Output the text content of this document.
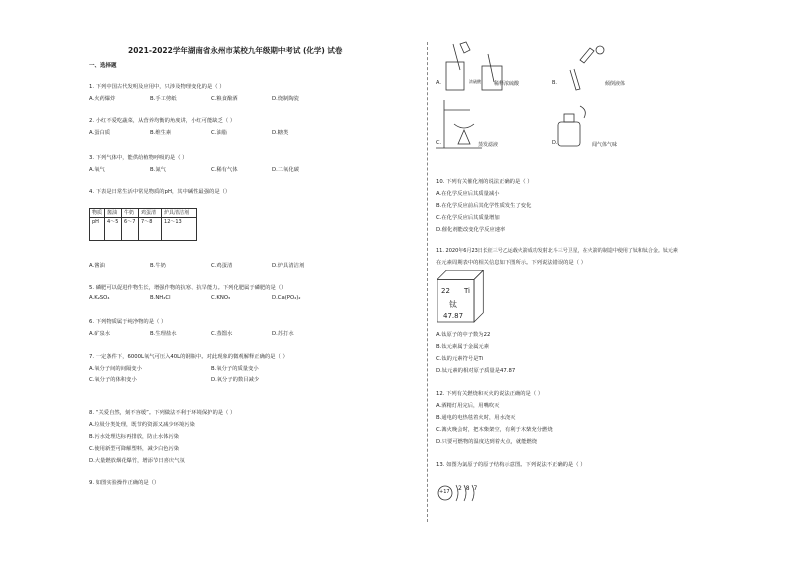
2021-2022学年湖南省永州市某校九年级期中考试 (化学) 试卷
一、选择题
1. 下列中国古代发明及应用中，只涉及物理变化的是（ ）
A.火药爆炸	B.手工剪纸	C.粮食酿酒	D.烧制陶瓷
2. 小红不爱吃蔬菜，从营养均衡的角度讲，小红可能缺乏（ ）
A.蛋白质	B.维生素	C.油脂	D.糖类
3. 下列气体中，能供给植物呼吸的是（ ）
A.氧气	B.氮气	C.稀有气体	D.二氧化碳
4. 下表是日常生活中常见物质的pH，其中碱性最强的是（）
物质	酱油	牛奶	鸡蛋清	炉具清洁剂
pH	4～5	6～7	7～8	12～13
A.酱油	B.牛奶	C.鸡蛋清	D.炉具清洁剂
5. 磷肥可以促进作物生长，增强作物的抗寒、抗旱能力。下列化肥属于磷肥的是（）
A.K₂SO₄	B.NH₄Cl	C.KNO₃	D.Ca(PO₄)₂
6. 下列物质属于纯净物的是（ ）
A.矿泉水	B.生理盐水	C.蒸馏水	D.苏打水
7. 一定条件下，6000L氧气可压入40L的钢瓶中。对此现象的微观解释正确的是（ ）
A.氧分子间的间隔变小	B.氧分子的质量变小
C.氧分子的体积变小	D.氧分子的数目减少
8. “关爱自然，刻不容缓”。下列做法不利于环境保护的是（ ）
A.垃圾分类处理，既节约资源又减少环境污染
B.污水处理达标再排放，防止水体污染
C.使用新型可降解塑料，减少白色污染
D.大量燃放烟花爆竹，增添节日喜庆气氛
9. 如图实验操作正确的是（）
A.	浓硫酸	稀释浓硫酸	B.	倾倒液体
C.	蒸发滤液	D.	闻气体气味
10. 下列有关催化剂的说法正确的是（ ）
A.在化学反应后其质量减小
B.在化学反应前后其化学性质发生了变化
C.在化学反应后其质量增加
D.催化剂能改变化学反应速率
11. 2020年6月23日长征三号乙运载火箭成功发射北斗三号卫星，在火箭的制造中使用了钛和钛合金。钛元素
在元素周期表中的相关信息如下图所示。下列说法错误的是（ ）
22 Ti
钛
47.87
A.钛原子的中子数为22
B.钛元素属于金属元素
C.钛的元素符号是Ti
D.钛元素的相对原子质量是47.87
12. 下列有关燃烧和灭火的说法正确的是（ ）
A.酒精灯用完后，用嘴吹灭
B.通电的电热毯着火时，用水浇灭
C.篝火晚会时，把木柴架空，有利于木柴充分燃烧
D.只要可燃物的温度达到着火点，就能燃烧
13. 如图为氯原子的原子结构示意图。下列说法不正确的是（ ）
+17 2 8 7
